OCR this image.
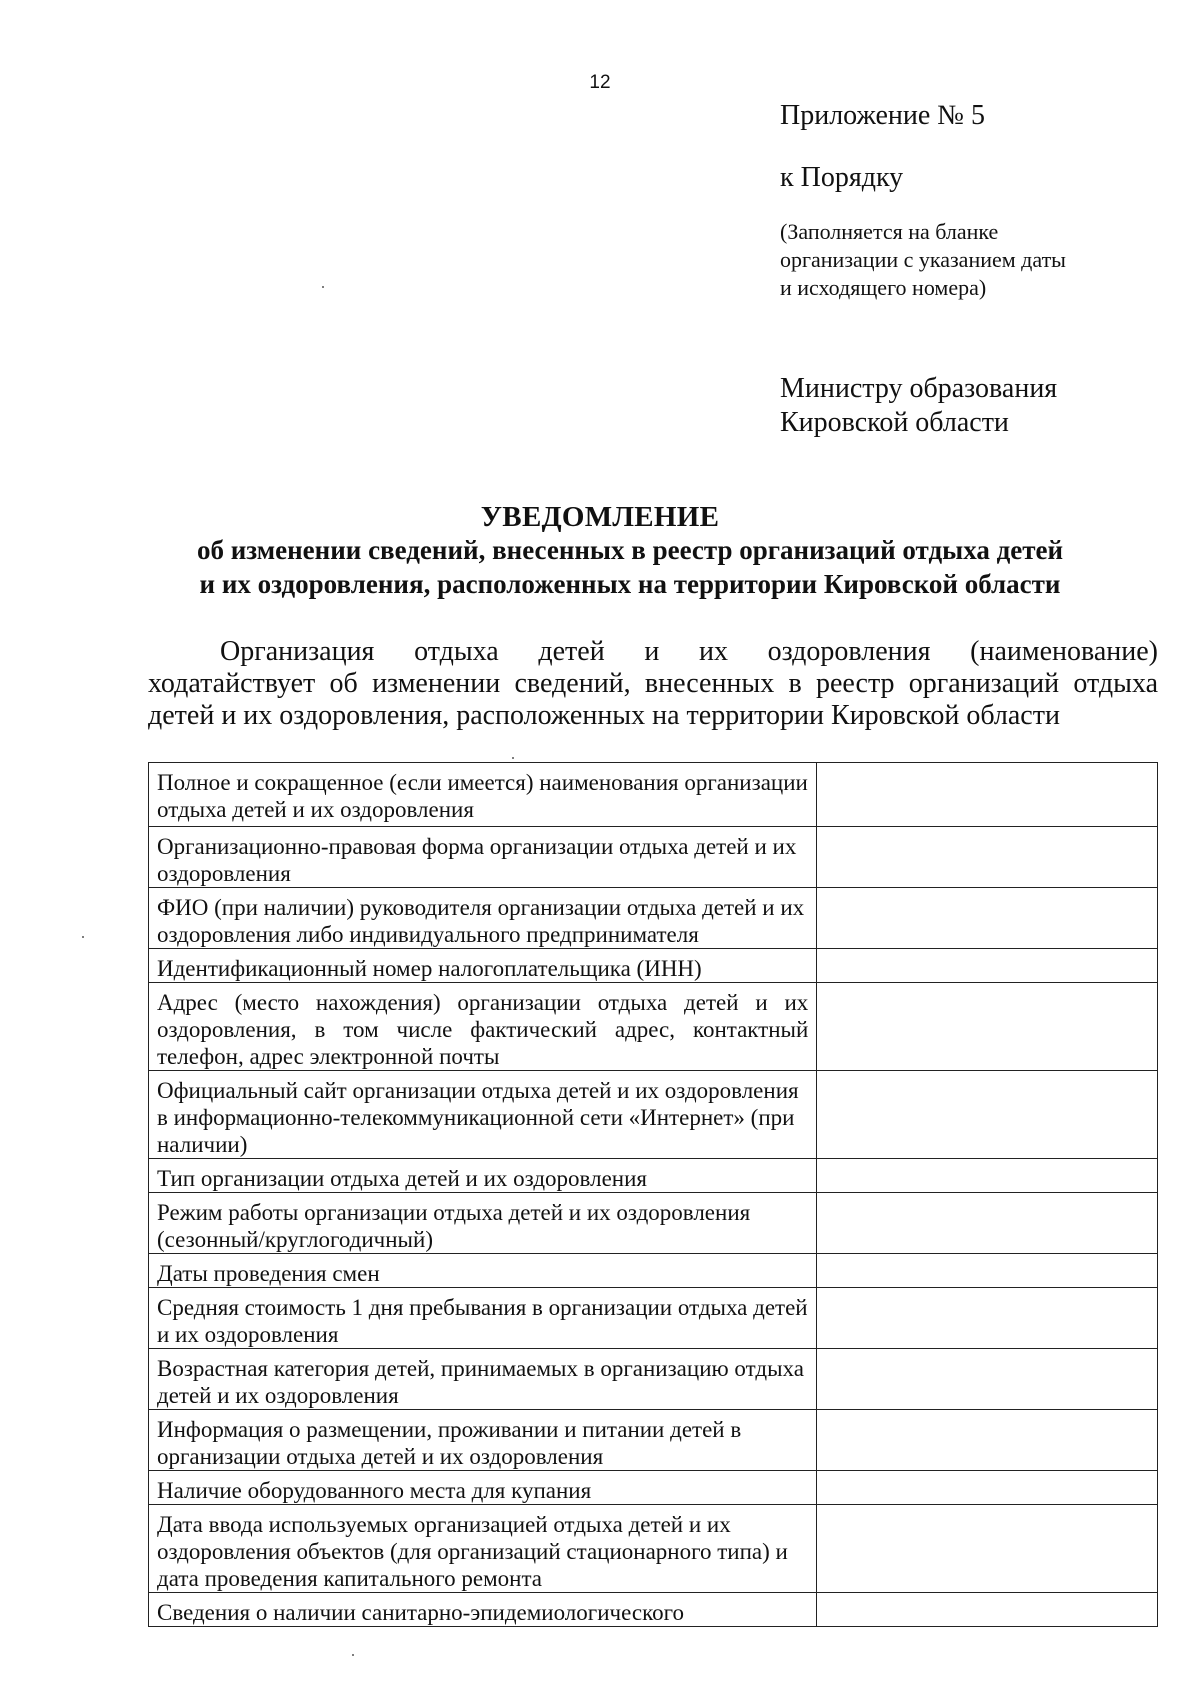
12
Приложение № 5
к Порядку
(Заполняется на бланке
организации с указанием даты
и исходящего номера)
Министру образования
Кировской области
УВЕДОМЛЕНИЕ
об изменении сведений, внесенных в реестр организаций отдыха детей
и их оздоровления, расположенных на территории Кировской области
Организация отдыха детей и их оздоровления (наименование)
ходатайствует об изменении сведений, внесенных в реестр организаций отдыха детей и их оздоровления, расположенных на территории Кировской области
Полное и сокращенное (если имеется) наименования организации отдыха детей и их оздоровления	
Организационно-правовая форма организации отдыха детей и их оздоровления	
ФИО (при наличии) руководителя организации отдыха детей и их оздоровления либо индивидуального предпринимателя	
Идентификационный номер налогоплательщика (ИНН)	
Адрес (место нахождения) организации отдыха детей и их оздоровления, в том числе фактический адрес, контактный телефон, адрес электронной почты	
Официальный сайт организации отдыха детей и их оздоровления в информационно-телекоммуникационной сети «Интернет» (при наличии)	
Тип организации отдыха детей и их оздоровления	
Режим работы организации отдыха детей и их оздоровления (сезонный/круглогодичный)	
Даты проведения смен	
Средняя стоимость 1 дня пребывания в организации отдыха детей и их оздоровления	
Возрастная категория детей, принимаемых в организацию отдыха детей и их оздоровления	
Информация о размещении, проживании и питании детей в организации отдыха детей и их оздоровления	
Наличие оборудованного места для купания	
Дата ввода используемых организацией отдыха детей и их оздоровления объектов (для организаций стационарного типа) и дата проведения капитального ремонта	
Сведения о наличии санитарно-эпидемиологического	
